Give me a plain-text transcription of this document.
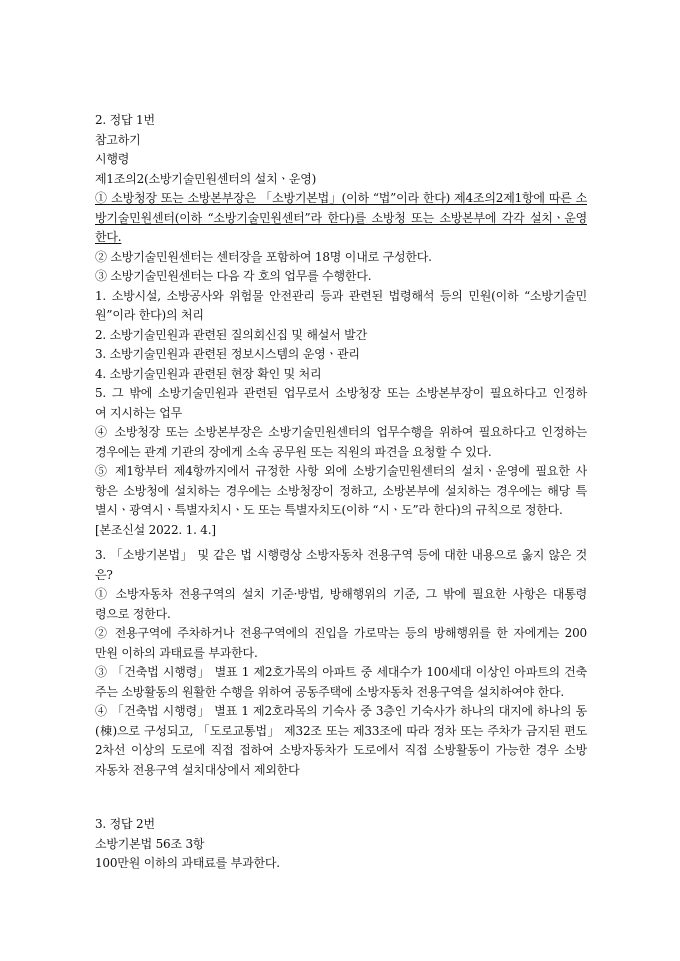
2. 정답 1번
참고하기
시행령
제1조의2(소방기술민원센터의 설치ㆍ운영)
① 소방청장 또는 소방본부장은 「소방기본법」(이하 “법”이라 한다) 제4조의2제1항에 따른 소
방기술민원센터(이하 “소방기술민원센터”라 한다)를 소방청 또는 소방본부에 각각 설치ㆍ운영
한다.
② 소방기술민원센터는 센터장을 포함하여 18명 이내로 구성한다.
③ 소방기술민원센터는 다음 각 호의 업무를 수행한다.
1. 소방시설, 소방공사와 위험물 안전관리 등과 관련된 법령해석 등의 민원(이하 “소방기술민
원”이라 한다)의 처리
2. 소방기술민원과 관련된 질의회신집 및 해설서 발간
3. 소방기술민원과 관련된 정보시스템의 운영ㆍ관리
4. 소방기술민원과 관련된 현장 확인 및 처리
5. 그 밖에 소방기술민원과 관련된 업무로서 소방청장 또는 소방본부장이 필요하다고 인정하
여 지시하는 업무
④ 소방청장 또는 소방본부장은 소방기술민원센터의 업무수행을 위하여 필요하다고 인정하는
경우에는 관계 기관의 장에게 소속 공무원 또는 직원의 파견을 요청할 수 있다.
⑤ 제1항부터 제4항까지에서 규정한 사항 외에 소방기술민원센터의 설치ㆍ운영에 필요한 사
항은 소방청에 설치하는 경우에는 소방청장이 정하고, 소방본부에 설치하는 경우에는 해당 특
별시ㆍ광역시ㆍ특별자치시ㆍ도 또는 특별자치도(이하 “시ㆍ도”라 한다)의 규칙으로 정한다.
[본조신설 2022. 1. 4.]
3. 「소방기본법」 및 같은 법 시행령상 소방자동차 전용구역 등에 대한 내용으로 옳지 않은 것
은?
① 소방자동차 전용구역의 설치 기준·방법, 방해행위의 기준, 그 밖에 필요한 사항은 대통령
령으로 정한다.
② 전용구역에 주차하거나 전용구역에의 진입을 가로막는 등의 방해행위를 한 자에게는 200
만원 이하의 과태료를 부과한다.
③ 「건축법 시행령」 별표 1 제2호가목의 아파트 중 세대수가 100세대 이상인 아파트의 건축
주는 소방활동의 원활한 수행을 위하여 공동주택에 소방자동차 전용구역을 설치하여야 한다.
④ 「건축법 시행령」 별표 1 제2호라목의 기숙사 중 3층인 기숙사가 하나의 대지에 하나의 동
(棟)으로 구성되고, 「도로교통법」 제32조 또는 제33조에 따라 정차 또는 주차가 금지된 편도
2차선 이상의 도로에 직접 접하여 소방자동차가 도로에서 직접 소방활동이 가능한 경우 소방
자동차 전용구역 설치대상에서 제외한다
3. 정답 2번
소방기본법 56조 3항
100만원 이하의 과태료를 부과한다.
